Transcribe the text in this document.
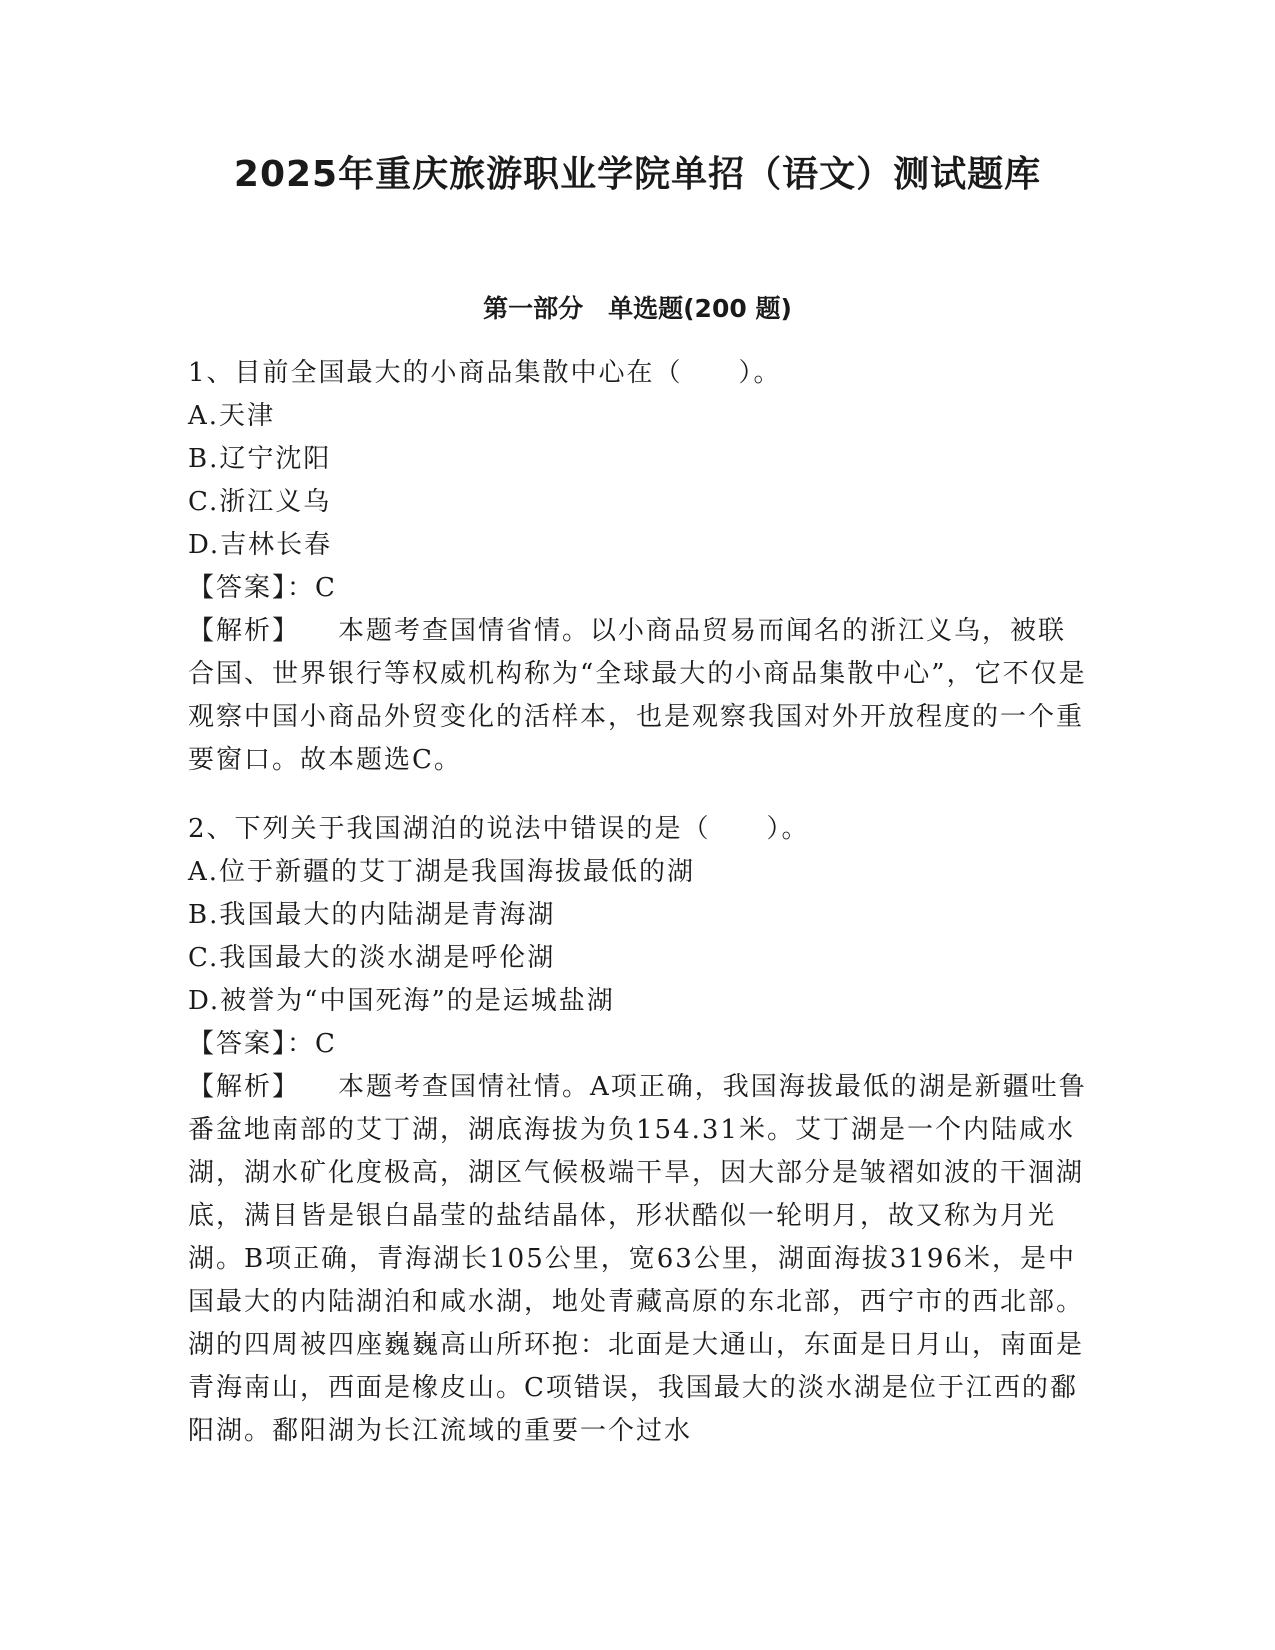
2025年重庆旅游职业学院单招（语文）测试题库
第一部分　单选题(200 题)

1、目前全国最大的小商品集散中心在（　　）。

A.天津

B.辽宁沈阳

C.浙江义乌

D.吉林长春

【答案】：C

【解析】 本题考查国情省情。以小商品贸易而闻名的浙江义乌，被联合国、世界银行等权威机构称为“全球最大的小商品集散中心”，它不仅是观察中国小商品外贸变化的活样本，也是观察我国对外开放程度的一个重要窗口。故本题选C。

2、下列关于我国湖泊的说法中错误的是（　　）。

A.位于新疆的艾丁湖是我国海拔最低的湖

B.我国最大的内陆湖是青海湖

C.我国最大的淡水湖是呼伦湖

D.被誉为“中国死海”的是运城盐湖

【答案】：C

【解析】 本题考查国情社情。A项正确，我国海拔最低的湖是新疆吐鲁番盆地南部的艾丁湖，湖底海拔为负154.31米。艾丁湖是一个内陆咸水湖，湖水矿化度极高，湖区气候极端干旱，因大部分是皱褶如波的干涸湖底，满目皆是银白晶莹的盐结晶体，形状酷似一轮明月，故又称为月光湖。B项正确，青海湖长105公里，宽63公里，湖面海拔3196米，是中国最大的内陆湖泊和咸水湖，地处青藏高原的东北部，西宁市的西北部。湖的四周被四座巍巍高山所环抱：北面是大通山，东面是日月山，南面是青海南山，西面是橡皮山。C项错误，我国最大的淡水湖是位于江西的鄱阳湖。鄱阳湖为长江流域的重要一个过水
